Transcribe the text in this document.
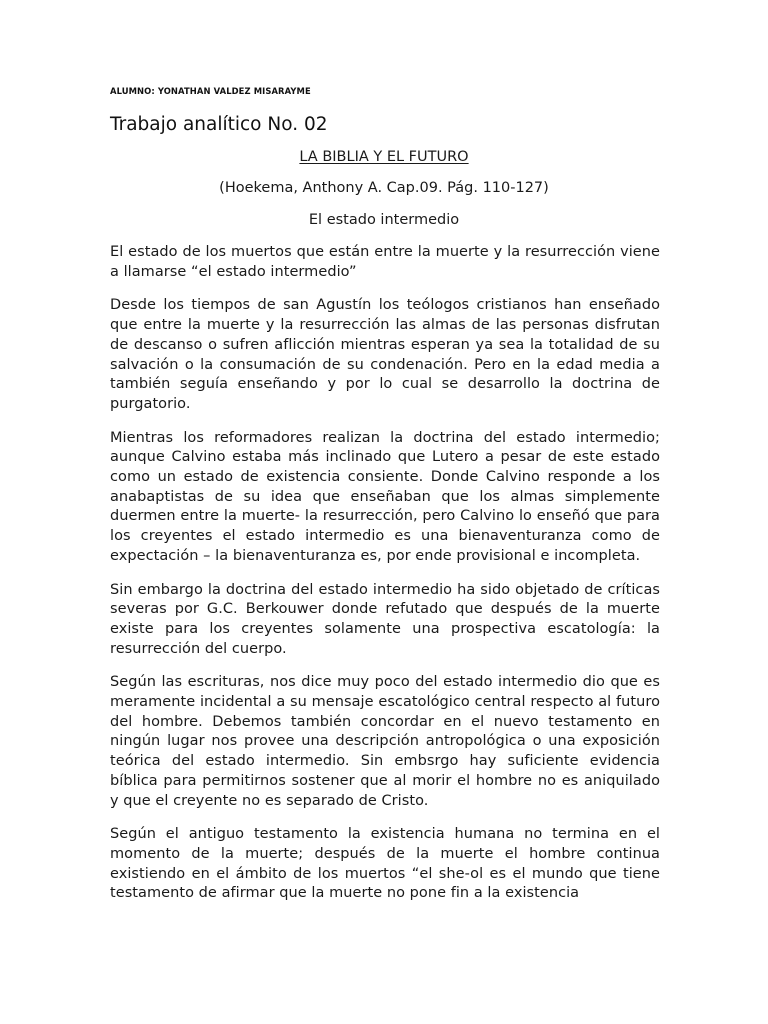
ALUMNO: YONATHAN VALDEZ MISARAYME
Trabajo analítico No. 02
LA BIBLIA Y EL FUTURO
(Hoekema, Anthony A. Cap.09. Pág. 110-127)
El estado intermedio

El estado de los muertos que están entre la muerte y la resurrección viene a llamarse “el estado intermedio”

Desde los tiempos de san Agustín los teólogos cristianos han enseñado que entre la muerte y la resurrección las almas de las personas disfrutan de descanso o sufren aflicción mientras esperan ya sea la totalidad de su salvación o la consumación de su condenación. Pero en la edad media a también seguía enseñando y por lo cual se desarrollo la doctrina de purgatorio.

Mientras los reformadores realizan la doctrina del estado intermedio; aunque Calvino estaba más inclinado que Lutero a pesar de este estado como un estado de existencia consiente. Donde Calvino responde a los anabaptistas de su idea que enseñaban que los almas simplemente duermen entre la muerte- la resurrección, pero Calvino lo enseñó que para los creyentes el estado intermedio es una bienaventuranza como de expectación – la bienaventuranza es, por ende provisional e incompleta.

Sin embargo la doctrina del estado intermedio ha sido objetado de críticas severas por G.C. Berkouwer donde refutado que después de la muerte existe para los creyentes solamente una prospectiva escatología: la resurrección del cuerpo.

Según las escrituras, nos dice muy poco del estado intermedio dio que es meramente incidental a su mensaje escatológico central respecto al futuro del hombre. Debemos también concordar en el nuevo testamento en ningún lugar nos provee una descripción antropológica o una exposición teórica del estado intermedio. Sin embsrgo hay suficiente evidencia bíblica para permitirnos sostener que al morir el hombre no es aniquilado y que el creyente no es separado de Cristo.

Según el antiguo testamento la existencia humana no termina en el momento de la muerte; después de la muerte el hombre continua existiendo en el ámbito de los muertos “el she-ol es el mundo que tiene testamento de afirmar que la muerte no pone fin a la existencia
